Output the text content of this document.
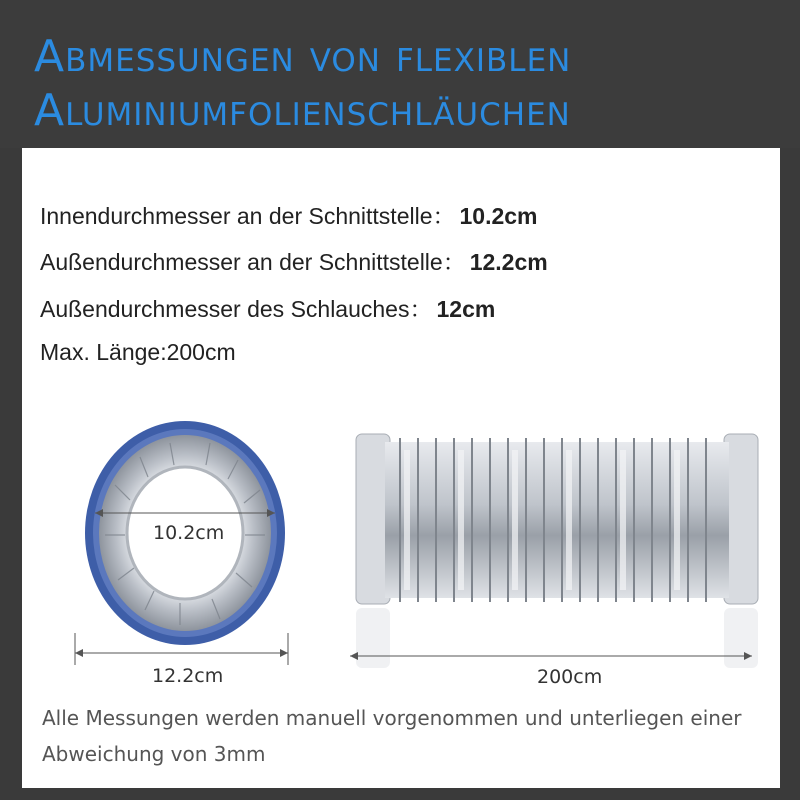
Abmessungen von flexiblen
Aluminiumfolienschläuchen
Innendurchmesser an der Schnittstelle： 10.2cm
Außendurchmesser an der Schnittstelle： 12.2cm
Außendurchmesser des Schlauches： 12cm
Max. Länge:200cm
10.2cm
12.2cm	200cm
Alle Messungen werden manuell vorgenommen und unterliegen einer
Abweichung von 3mm
